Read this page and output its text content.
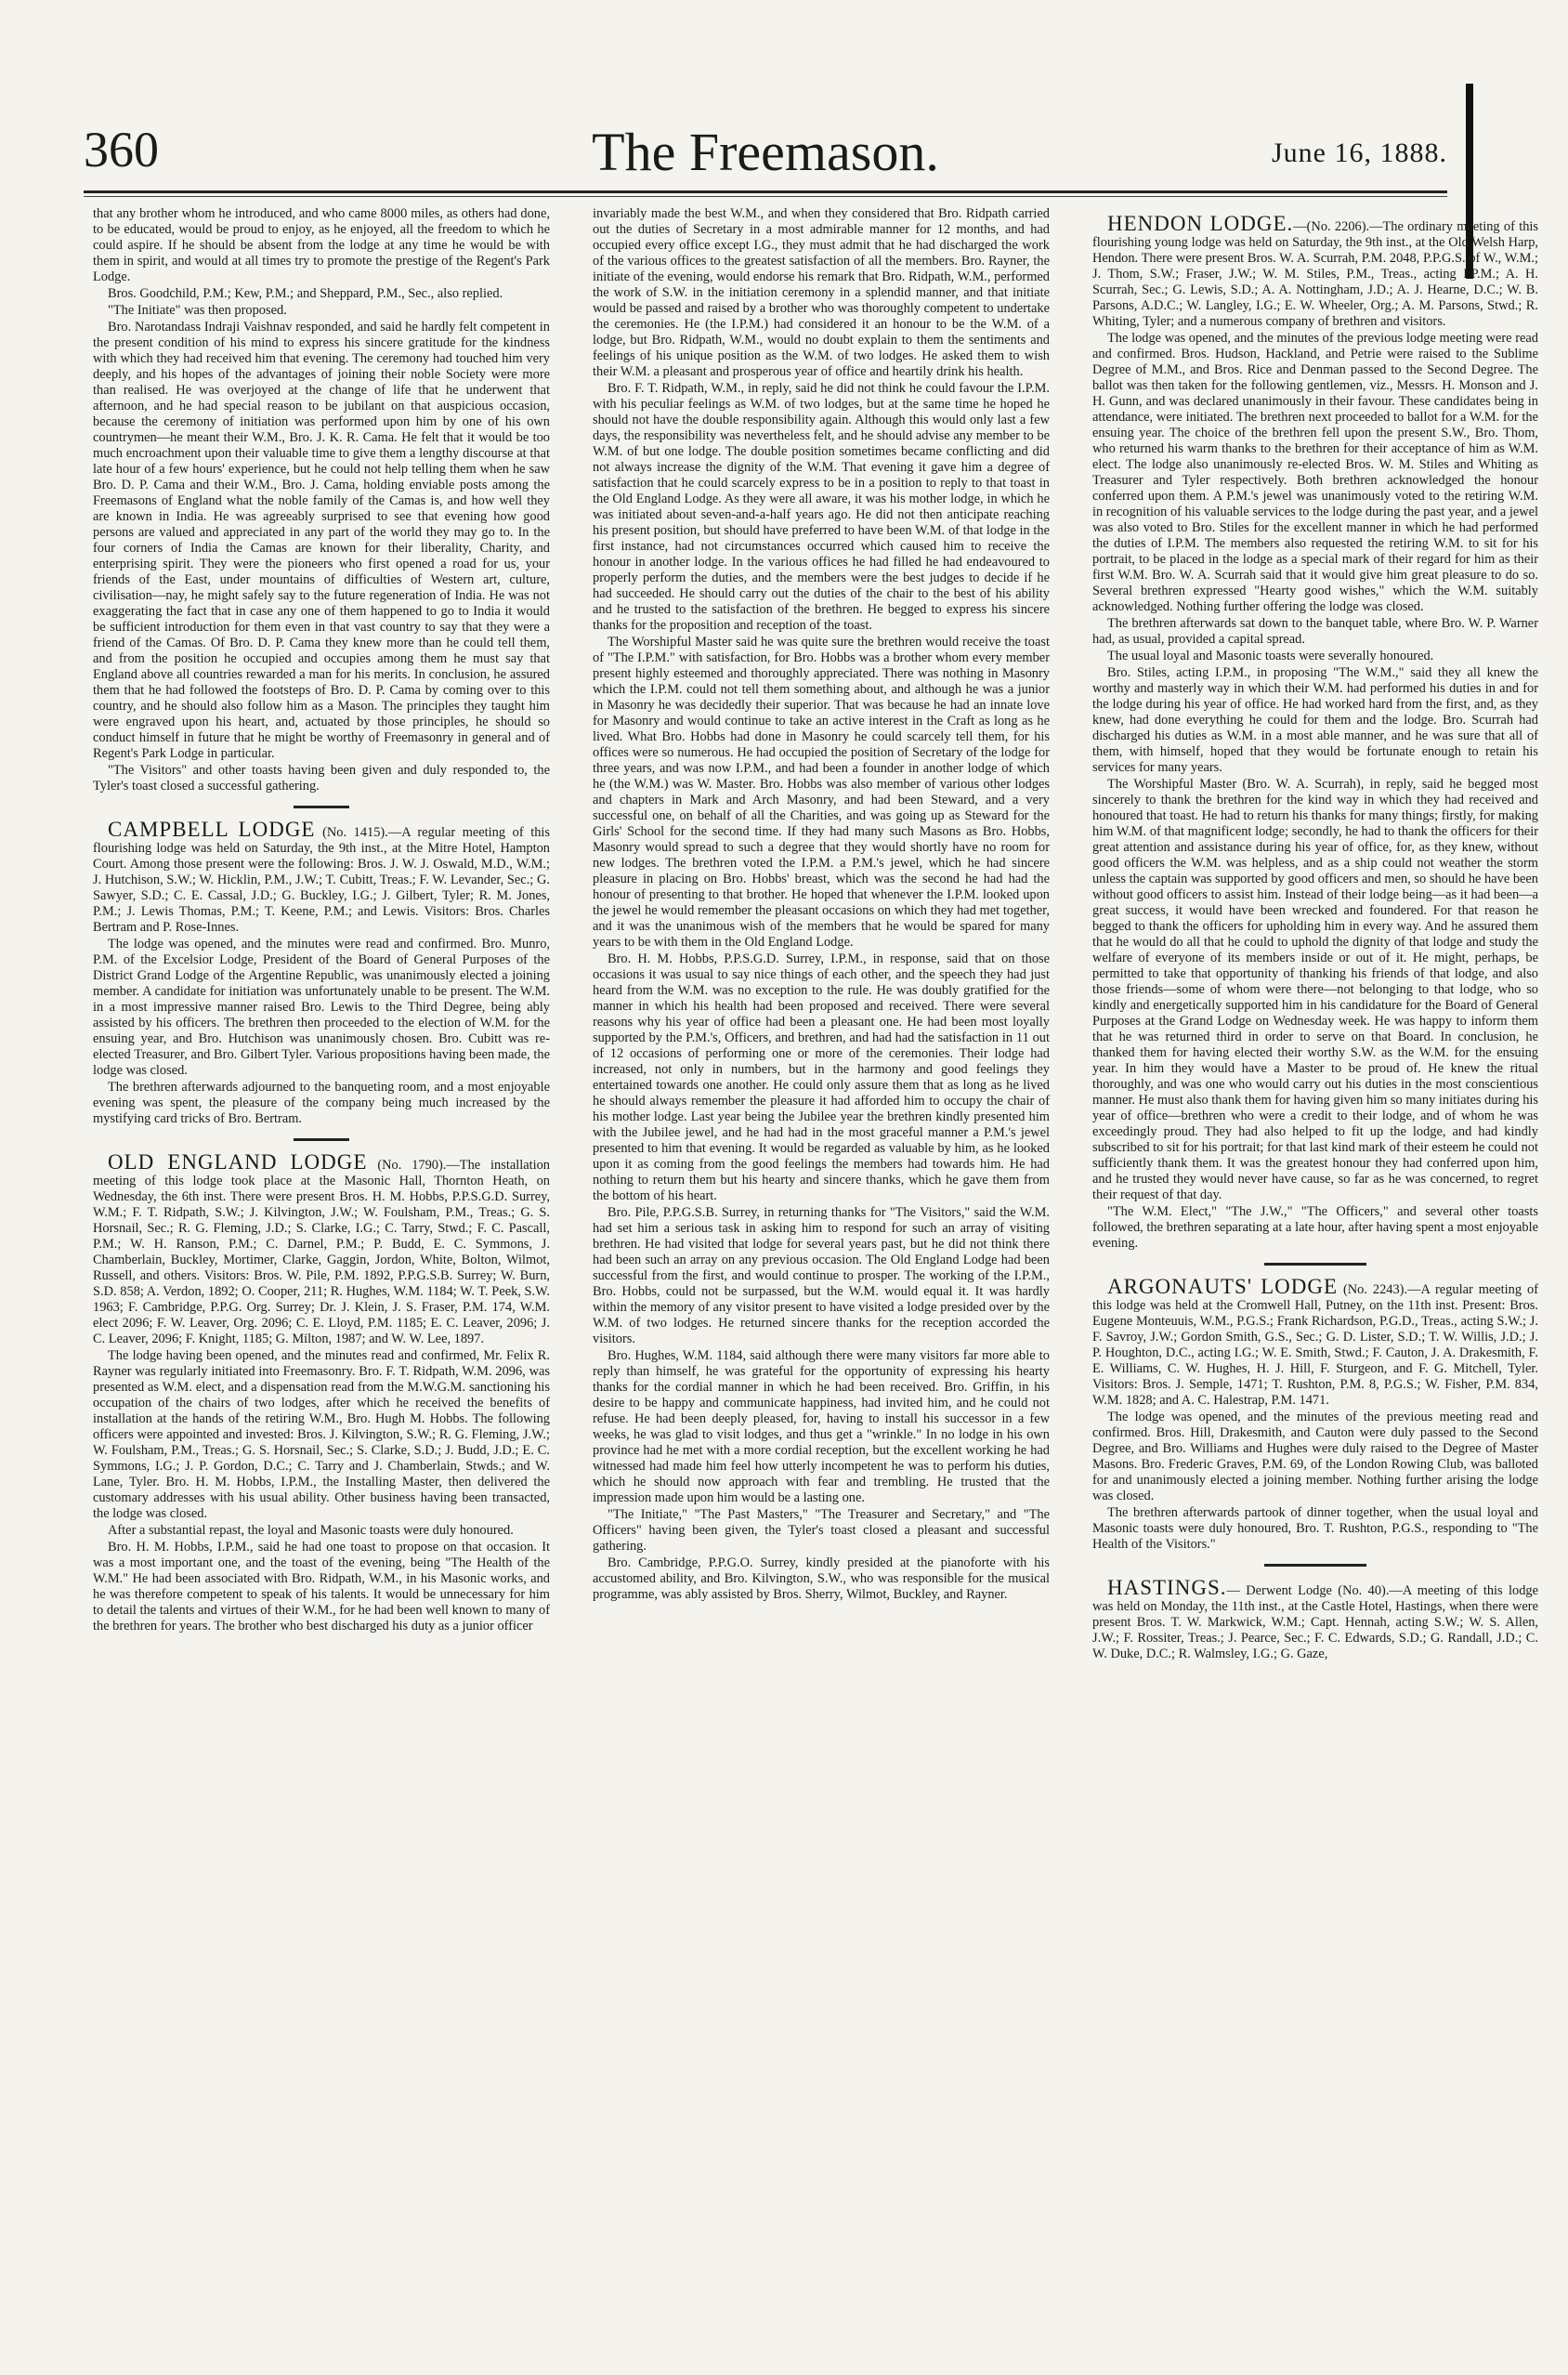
360	The Freemason.	June 16, 1888.

that any brother whom he introduced, and who came 8000 miles, as others had done, to be educated, would be proud to enjoy, as he enjoyed, all the freedom to which he could aspire. If he should be absent from the lodge at any time he would be with them in spirit, and would at all times try to promote the prestige of the Regent's Park Lodge.

Bros. Goodchild, P.M.; Kew, P.M.; and Sheppard, P.M., Sec., also replied.

"The Initiate" was then proposed.

Bro. Narotandass Indraji Vaishnav responded, and said he hardly felt competent in the present condition of his mind to express his sincere gratitude for the kindness with which they had received him that evening. The ceremony had touched him very deeply, and his hopes of the advantages of joining their noble Society were more than realised. He was overjoyed at the change of life that he underwent that afternoon, and he had special reason to be jubilant on that auspicious occasion, because the ceremony of initiation was performed upon him by one of his own countrymen—he meant their W.M., Bro. J. K. R. Cama. He felt that it would be too much encroachment upon their valuable time to give them a lengthy discourse at that late hour of a few hours' experience, but he could not help telling them when he saw Bro. D. P. Cama and their W.M., Bro. J. Cama, holding enviable posts among the Freemasons of England what the noble family of the Camas is, and how well they are known in India. He was agreeably surprised to see that evening how good persons are valued and appreciated in any part of the world they may go to. In the four corners of India the Camas are known for their liberality, Charity, and enterprising spirit. They were the pioneers who first opened a road for us, your friends of the East, under mountains of difficulties of Western art, culture, civilisation—nay, he might safely say to the future regeneration of India. He was not exaggerating the fact that in case any one of them happened to go to India it would be sufficient introduction for them even in that vast country to say that they were a friend of the Camas. Of Bro. D. P. Cama they knew more than he could tell them, and from the position he occupied and occupies among them he must say that England above all countries rewarded a man for his merits. In conclusion, he assured them that he had followed the footsteps of Bro. D. P. Cama by coming over to this country, and he should also follow him as a Mason. The principles they taught him were engraved upon his heart, and, actuated by those principles, he should so conduct himself in future that he might be worthy of Freemasonry in general and of Regent's Park Lodge in particular.

"The Visitors" and other toasts having been given and duly responded to, the Tyler's toast closed a successful gathering.

CAMPBELL LODGE (No. 1415).—A regular meeting of this flourishing lodge was held on Saturday, the 9th inst., at the Mitre Hotel, Hampton Court. Among those present were the following: Bros. J. W. J. Oswald, M.D., W.M.; J. Hutchison, S.W.; W. Hicklin, P.M., J.W.; T. Cubitt, Treas.; F. W. Levander, Sec.; G. Sawyer, S.D.; C. E. Cassal, J.D.; G. Buckley, I.G.; J. Gilbert, Tyler; R. M. Jones, P.M.; J. Lewis Thomas, P.M.; T. Keene, P.M.; and Lewis. Visitors: Bros. Charles Bertram and P. Rose-Innes.

The lodge was opened, and the minutes were read and confirmed. Bro. Munro, P.M. of the Excelsior Lodge, President of the Board of General Purposes of the District Grand Lodge of the Argentine Republic, was unanimously elected a joining member. A candidate for initiation was unfortunately unable to be present. The W.M. in a most impressive manner raised Bro. Lewis to the Third Degree, being ably assisted by his officers. The brethren then proceeded to the election of W.M. for the ensuing year, and Bro. Hutchison was unanimously chosen. Bro. Cubitt was re-elected Treasurer, and Bro. Gilbert Tyler. Various propositions having been made, the lodge was closed.

The brethren afterwards adjourned to the banqueting room, and a most enjoyable evening was spent, the pleasure of the company being much increased by the mystifying card tricks of Bro. Bertram.

OLD ENGLAND LODGE (No. 1790).—The installation meeting of this lodge took place at the Masonic Hall, Thornton Heath, on Wednesday, the 6th inst. There were present Bros. H. M. Hobbs, P.P.S.G.D. Surrey, W.M.; F. T. Ridpath, S.W.; J. Kilvington, J.W.; W. Foulsham, P.M., Treas.; G. S. Horsnail, Sec.; R. G. Fleming, J.D.; S. Clarke, I.G.; C. Tarry, Stwd.; F. C. Pascall, P.M.; W. H. Ranson, P.M.; C. Darnel, P.M.; P. Budd, E. C. Symmons, J. Chamberlain, Buckley, Mortimer, Clarke, Gaggin, Jordon, White, Bolton, Wilmot, Russell, and others. Visitors: Bros. W. Pile, P.M. 1892, P.P.G.S.B. Surrey; W. Burn, S.D. 858; A. Verdon, 1892; O. Cooper, 211; R. Hughes, W.M. 1184; W. T. Peek, S.W. 1963; F. Cambridge, P.P.G. Org. Surrey; Dr. J. Klein, J. S. Fraser, P.M. 174, W.M. elect 2096; F. W. Leaver, Org. 2096; C. E. Lloyd, P.M. 1185; E. C. Leaver, 2096; J. C. Leaver, 2096; F. Knight, 1185; G. Milton, 1987; and W. W. Lee, 1897.

The lodge having been opened, and the minutes read and confirmed, Mr. Felix R. Rayner was regularly initiated into Freemasonry. Bro. F. T. Ridpath, W.M. 2096, was presented as W.M. elect, and a dispensation read from the M.W.G.M. sanctioning his occupation of the chairs of two lodges, after which he received the benefits of installation at the hands of the retiring W.M., Bro. Hugh M. Hobbs. The following officers were appointed and invested: Bros. J. Kilvington, S.W.; R. G. Fleming, J.W.; W. Foulsham, P.M., Treas.; G. S. Horsnail, Sec.; S. Clarke, S.D.; J. Budd, J.D.; E. C. Symmons, I.G.; J. P. Gordon, D.C.; C. Tarry and J. Chamberlain, Stwds.; and W. Lane, Tyler. Bro. H. M. Hobbs, I.P.M., the Installing Master, then delivered the customary addresses with his usual ability. Other business having been transacted, the lodge was closed.

After a substantial repast, the loyal and Masonic toasts were duly honoured.

Bro. H. M. Hobbs, I.P.M., said he had one toast to propose on that occasion. It was a most important one, and the toast of the evening, being "The Health of the W.M." He had been associated with Bro. Ridpath, W.M., in his Masonic works, and he was therefore competent to speak of his talents. It would be unnecessary for him to detail the talents and virtues of their W.M., for he had been well known to many of the brethren for years. The brother who best discharged his duty as a junior officer

invariably made the best W.M., and when they considered that Bro. Ridpath carried out the duties of Secretary in a most admirable manner for 12 months, and had occupied every office except I.G., they must admit that he had discharged the work of the various offices to the greatest satisfaction of all the members. Bro. Rayner, the initiate of the evening, would endorse his remark that Bro. Ridpath, W.M., performed the work of S.W. in the initiation ceremony in a splendid manner, and that initiate would be passed and raised by a brother who was thoroughly competent to undertake the ceremonies. He (the I.P.M.) had considered it an honour to be the W.M. of a lodge, but Bro. Ridpath, W.M., would no doubt explain to them the sentiments and feelings of his unique position as the W.M. of two lodges. He asked them to wish their W.M. a pleasant and prosperous year of office and heartily drink his health.

Bro. F. T. Ridpath, W.M., in reply, said he did not think he could favour the I.P.M. with his peculiar feelings as W.M. of two lodges, but at the same time he hoped he should not have the double responsibility again. Although this would only last a few days, the responsibility was nevertheless felt, and he should advise any member to be W.M. of but one lodge. The double position sometimes became conflicting and did not always increase the dignity of the W.M. That evening it gave him a degree of satisfaction that he could scarcely express to be in a position to reply to that toast in the Old England Lodge. As they were all aware, it was his mother lodge, in which he was initiated about seven-and-a-half years ago. He did not then anticipate reaching his present position, but should have preferred to have been W.M. of that lodge in the first instance, had not circumstances occurred which caused him to receive the honour in another lodge. In the various offices he had filled he had endeavoured to properly perform the duties, and the members were the best judges to decide if he had succeeded. He should carry out the duties of the chair to the best of his ability and he trusted to the satisfaction of the brethren. He begged to express his sincere thanks for the proposition and reception of the toast.

The Worshipful Master said he was quite sure the brethren would receive the toast of "The I.P.M." with satisfaction, for Bro. Hobbs was a brother whom every member present highly esteemed and thoroughly appreciated. There was nothing in Masonry which the I.P.M. could not tell them something about, and although he was a junior in Masonry he was decidedly their superior. That was because he had an innate love for Masonry and would continue to take an active interest in the Craft as long as he lived. What Bro. Hobbs had done in Masonry he could scarcely tell them, for his offices were so numerous. He had occupied the position of Secretary of the lodge for three years, and was now I.P.M., and had been a founder in another lodge of which he (the W.M.) was W. Master. Bro. Hobbs was also member of various other lodges and chapters in Mark and Arch Masonry, and had been Steward, and a very successful one, on behalf of all the Charities, and was going up as Steward for the Girls' School for the second time. If they had many such Masons as Bro. Hobbs, Masonry would spread to such a degree that they would shortly have no room for new lodges. The brethren voted the I.P.M. a P.M.'s jewel, which he had sincere pleasure in placing on Bro. Hobbs' breast, which was the second he had had the honour of presenting to that brother. He hoped that whenever the I.P.M. looked upon the jewel he would remember the pleasant occasions on which they had met together, and it was the unanimous wish of the members that he would be spared for many years to be with them in the Old England Lodge.

Bro. H. M. Hobbs, P.P.S.G.D. Surrey, I.P.M., in response, said that on those occasions it was usual to say nice things of each other, and the speech they had just heard from the W.M. was no exception to the rule. He was doubly gratified for the manner in which his health had been proposed and received. There were several reasons why his year of office had been a pleasant one. He had been most loyally supported by the P.M.'s, Officers, and brethren, and had had the satisfaction in 11 out of 12 occasions of performing one or more of the ceremonies. Their lodge had increased, not only in numbers, but in the harmony and good feelings they entertained towards one another. He could only assure them that as long as he lived he should always remember the pleasure it had afforded him to occupy the chair of his mother lodge. Last year being the Jubilee year the brethren kindly presented him with the Jubilee jewel, and he had had in the most graceful manner a P.M.'s jewel presented to him that evening. It would be regarded as valuable by him, as he looked upon it as coming from the good feelings the members had towards him. He had nothing to return them but his hearty and sincere thanks, which he gave them from the bottom of his heart.

Bro. Pile, P.P.G.S.B. Surrey, in returning thanks for "The Visitors," said the W.M. had set him a serious task in asking him to respond for such an array of visiting brethren. He had visited that lodge for several years past, but he did not think there had been such an array on any previous occasion. The Old England Lodge had been successful from the first, and would continue to prosper. The working of the I.P.M., Bro. Hobbs, could not be surpassed, but the W.M. would equal it. It was hardly within the memory of any visitor present to have visited a lodge presided over by the W.M. of two lodges. He returned sincere thanks for the reception accorded the visitors.

Bro. Hughes, W.M. 1184, said although there were many visitors far more able to reply than himself, he was grateful for the opportunity of expressing his hearty thanks for the cordial manner in which he had been received. Bro. Griffin, in his desire to be happy and communicate happiness, had invited him, and he could not refuse. He had been deeply pleased, for, having to install his successor in a few weeks, he was glad to visit lodges, and thus get a "wrinkle." In no lodge in his own province had he met with a more cordial reception, but the excellent working he had witnessed had made him feel how utterly incompetent he was to perform his duties, which he should now approach with fear and trembling. He trusted that the impression made upon him would be a lasting one.

"The Initiate," "The Past Masters," "The Treasurer and Secretary," and "The Officers" having been given, the Tyler's toast closed a pleasant and successful gathering.

Bro. Cambridge, P.P.G.O. Surrey, kindly presided at the pianoforte with his accustomed ability, and Bro. Kilvington, S.W., who was responsible for the musical programme, was ably assisted by Bros. Sherry, Wilmot, Buckley, and Rayner.

HENDON LODGE.—(No. 2206).—The ordinary meeting of this flourishing young lodge was held on Saturday, the 9th inst., at the Old Welsh Harp, Hendon. There were present Bros. W. A. Scurrah, P.M. 2048, P.P.G.S. of W., W.M.; J. Thom, S.W.; Fraser, J.W.; W. M. Stiles, P.M., Treas., acting I.P.M.; A. H. Scurrah, Sec.; G. Lewis, S.D.; A. A. Nottingham, J.D.; A. J. Hearne, D.C.; W. B. Parsons, A.D.C.; W. Langley, I.G.; E. W. Wheeler, Org.; A. M. Parsons, Stwd.; R. Whiting, Tyler; and a numerous company of brethren and visitors.

The lodge was opened, and the minutes of the previous lodge meeting were read and confirmed. Bros. Hudson, Hackland, and Petrie were raised to the Sublime Degree of M.M., and Bros. Rice and Denman passed to the Second Degree. The ballot was then taken for the following gentlemen, viz., Messrs. H. Monson and J. H. Gunn, and was declared unanimously in their favour. These candidates being in attendance, were initiated. The brethren next proceeded to ballot for a W.M. for the ensuing year. The choice of the brethren fell upon the present S.W., Bro. Thom, who returned his warm thanks to the brethren for their acceptance of him as W.M. elect. The lodge also unanimously re-elected Bros. W. M. Stiles and Whiting as Treasurer and Tyler respectively. Both brethren acknowledged the honour conferred upon them. A P.M.'s jewel was unanimously voted to the retiring W.M. in recognition of his valuable services to the lodge during the past year, and a jewel was also voted to Bro. Stiles for the excellent manner in which he had performed the duties of I.P.M. The members also requested the retiring W.M. to sit for his portrait, to be placed in the lodge as a special mark of their regard for him as their first W.M. Bro. W. A. Scurrah said that it would give him great pleasure to do so. Several brethren expressed "Hearty good wishes," which the W.M. suitably acknowledged. Nothing further offering the lodge was closed.

The brethren afterwards sat down to the banquet table, where Bro. W. P. Warner had, as usual, provided a capital spread.

The usual loyal and Masonic toasts were severally honoured.

Bro. Stiles, acting I.P.M., in proposing "The W.M.," said they all knew the worthy and masterly way in which their W.M. had performed his duties in and for the lodge during his year of office. He had worked hard from the first, and, as they knew, had done everything he could for them and the lodge. Bro. Scurrah had discharged his duties as W.M. in a most able manner, and he was sure that all of them, with himself, hoped that they would be fortunate enough to retain his services for many years.

The Worshipful Master (Bro. W. A. Scurrah), in reply, said he begged most sincerely to thank the brethren for the kind way in which they had received and honoured that toast. He had to return his thanks for many things; firstly, for making him W.M. of that magnificent lodge; secondly, he had to thank the officers for their great attention and assistance during his year of office, for, as they knew, without good officers the W.M. was helpless, and as a ship could not weather the storm unless the captain was supported by good officers and men, so should he have been without good officers to assist him. Instead of their lodge being—as it had been—a great success, it would have been wrecked and foundered. For that reason he begged to thank the officers for upholding him in every way. And he assured them that he would do all that he could to uphold the dignity of that lodge and study the welfare of everyone of its members inside or out of it. He might, perhaps, be permitted to take that opportunity of thanking his friends of that lodge, and also those friends—some of whom were there—not belonging to that lodge, who so kindly and energetically supported him in his candidature for the Board of General Purposes at the Grand Lodge on Wednesday week. He was happy to inform them that he was returned third in order to serve on that Board. In conclusion, he thanked them for having elected their worthy S.W. as the W.M. for the ensuing year. In him they would have a Master to be proud of. He knew the ritual thoroughly, and was one who would carry out his duties in the most conscientious manner. He must also thank them for having given him so many initiates during his year of office—brethren who were a credit to their lodge, and of whom he was exceedingly proud. They had also helped to fit up the lodge, and had kindly subscribed to sit for his portrait; for that last kind mark of their esteem he could not sufficiently thank them. It was the greatest honour they had conferred upon him, and he trusted they would never have cause, so far as he was concerned, to regret their request of that day.

"The W.M. Elect," "The J.W.," "The Officers," and several other toasts followed, the brethren separating at a late hour, after having spent a most enjoyable evening.

ARGONAUTS' LODGE (No. 2243).—A regular meeting of this lodge was held at the Cromwell Hall, Putney, on the 11th inst. Present: Bros. Eugene Monteuuis, W.M., P.G.S.; Frank Richardson, P.G.D., Treas., acting S.W.; J. F. Savroy, J.W.; Gordon Smith, G.S., Sec.; G. D. Lister, S.D.; T. W. Willis, J.D.; J. P. Houghton, D.C., acting I.G.; W. E. Smith, Stwd.; F. Cauton, J. A. Drakesmith, F. E. Williams, C. W. Hughes, H. J. Hill, F. Sturgeon, and F. G. Mitchell, Tyler. Visitors: Bros. J. Semple, 1471; T. Rushton, P.M. 8, P.G.S.; W. Fisher, P.M. 834, W.M. 1828; and A. C. Halestrap, P.M. 1471.

The lodge was opened, and the minutes of the previous meeting read and confirmed. Bros. Hill, Drakesmith, and Cauton were duly passed to the Second Degree, and Bro. Williams and Hughes were duly raised to the Degree of Master Masons. Bro. Frederic Graves, P.M. 69, of the London Rowing Club, was balloted for and unanimously elected a joining member. Nothing further arising the lodge was closed.

The brethren afterwards partook of dinner together, when the usual loyal and Masonic toasts were duly honoured, Bro. T. Rushton, P.G.S., responding to "The Health of the Visitors."

HASTINGS.— Derwent Lodge (No. 40).—A meeting of this lodge was held on Monday, the 11th inst., at the Castle Hotel, Hastings, when there were present Bros. T. W. Markwick, W.M.; Capt. Hennah, acting S.W.; W. S. Allen, J.W.; F. Rossiter, Treas.; J. Pearce, Sec.; F. C. Edwards, S.D.; G. Randall, J.D.; C. W. Duke, D.C.; R. Walmsley, I.G.; G. Gaze,
